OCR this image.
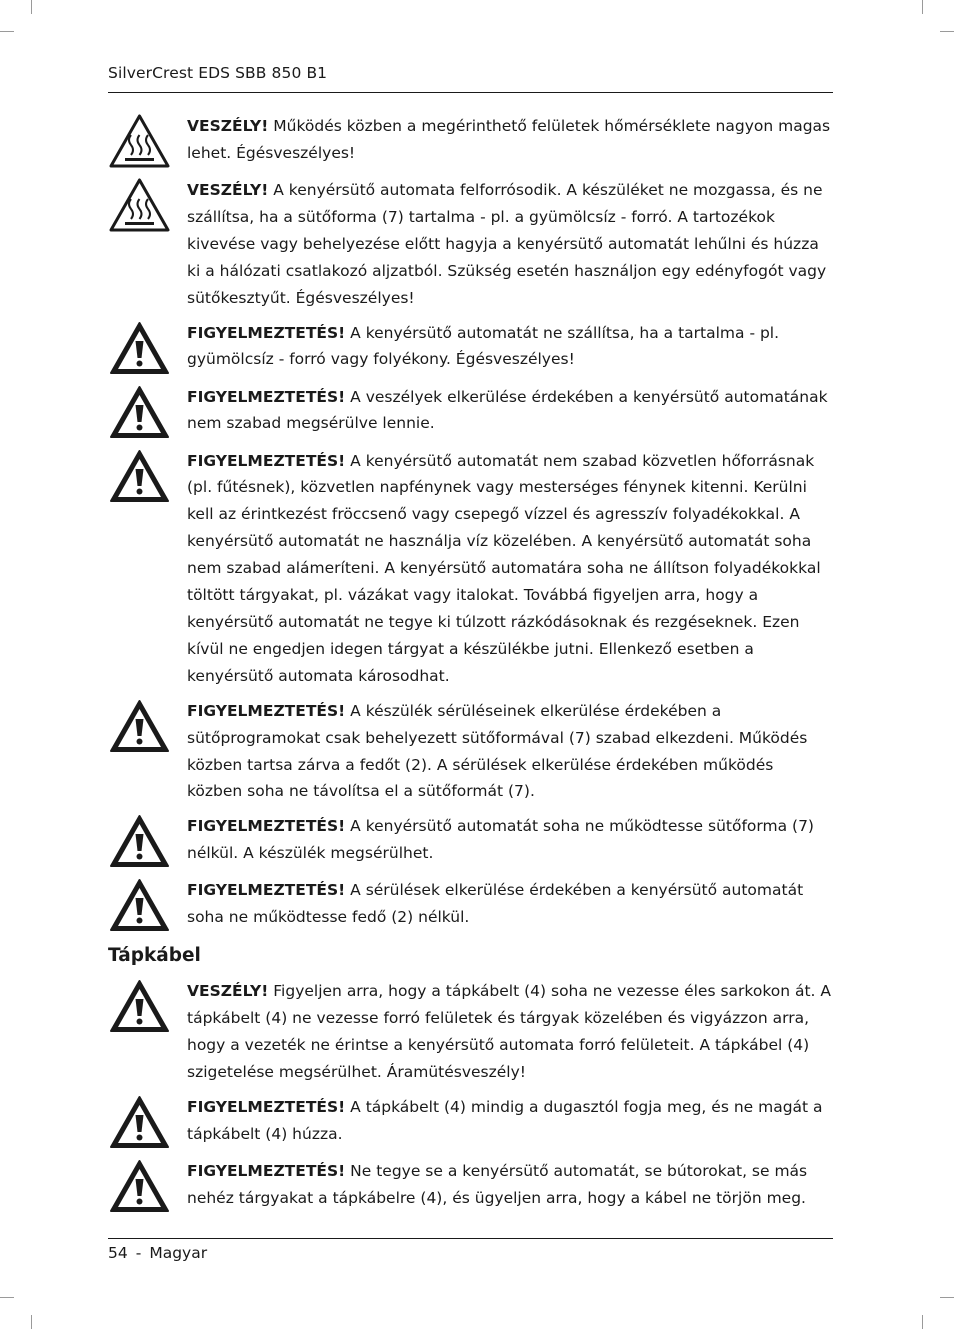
SilverCrest EDS SBB 850 B1
VESZÉLY! Működés közben a megérinthető felületek hőmérséklete nagyon magas lehet. Égésveszélyes!
VESZÉLY! A kenyérsütő automata felforrósodik. A készüléket ne mozgassa, és ne szállítsa, ha a sütőforma (7) tartalma - pl. a gyümölcsíz - forró. A tartozékok kivevése vagy behelyezése előtt hagyja a kenyérsütő automatát lehűlni és húzza ki a hálózati csatlakozó aljzatból. Szükség esetén használjon egy edényfogót vagy sütőkesztyűt. Égésveszélyes!
FIGYELMEZTETÉS! A kenyérsütő automatát ne szállítsa, ha a tartalma - pl. gyümölcsíz - forró vagy folyékony. Égésveszélyes!
FIGYELMEZTETÉS! A veszélyek elkerülése érdekében a kenyérsütő automatának nem szabad megsérülve lennie.
FIGYELMEZTETÉS! A kenyérsütő automatát nem szabad közvetlen hőforrásnak (pl. fűtésnek), közvetlen napfénynek vagy mesterséges fénynek kitenni. Kerülni kell az érintkezést fröccsenő vagy csepegő vízzel és agresszív folyadékokkal. A kenyérsütő automatát ne használja víz közelében. A kenyérsütő automatát soha nem szabad alámeríteni. A kenyérsütő automatára soha ne állítson folyadékokkal töltött tárgyakat, pl. vázákat vagy italokat. Továbbá figyeljen arra, hogy a kenyérsütő automatát ne tegye ki túlzott rázkódásoknak és rezgéseknek. Ezen kívül ne engedjen idegen tárgyat a készülékbe jutni. Ellenkező esetben a kenyérsütő automata károsodhat.
FIGYELMEZTETÉS! A készülék sérüléseinek elkerülése érdekében a sütőprogramokat csak behelyezett sütőformával (7) szabad elkezdeni. Működés közben tartsa zárva a fedőt (2). A sérülések elkerülése érdekében működés közben soha ne távolítsa el a sütőformát (7).
FIGYELMEZTETÉS! A kenyérsütő automatát soha ne működtesse sütőforma (7) nélkül. A készülék megsérülhet.
FIGYELMEZTETÉS! A sérülések elkerülése érdekében a kenyérsütő automatát soha ne működtesse fedő (2) nélkül.
Tápkábel
VESZÉLY! Figyeljen arra, hogy a tápkábelt (4) soha ne vezesse éles sarkokon át. A tápkábelt (4) ne vezesse forró felületek és tárgyak közelében és vigyázzon arra, hogy a vezeték ne érintse a kenyérsütő automata forró felületeit. A tápkábel (4) szigetelése megsérülhet. Áramütésveszély!
FIGYELMEZTETÉS! A tápkábelt (4) mindig a dugasztól fogja meg, és ne magát a tápkábelt (4) húzza.
FIGYELMEZTETÉS! Ne tegye se a kenyérsütő automatát, se bútorokat, se más nehéz tárgyakat a tápkábelre (4), és ügyeljen arra, hogy a kábel ne törjön meg.
54 - Magyar
